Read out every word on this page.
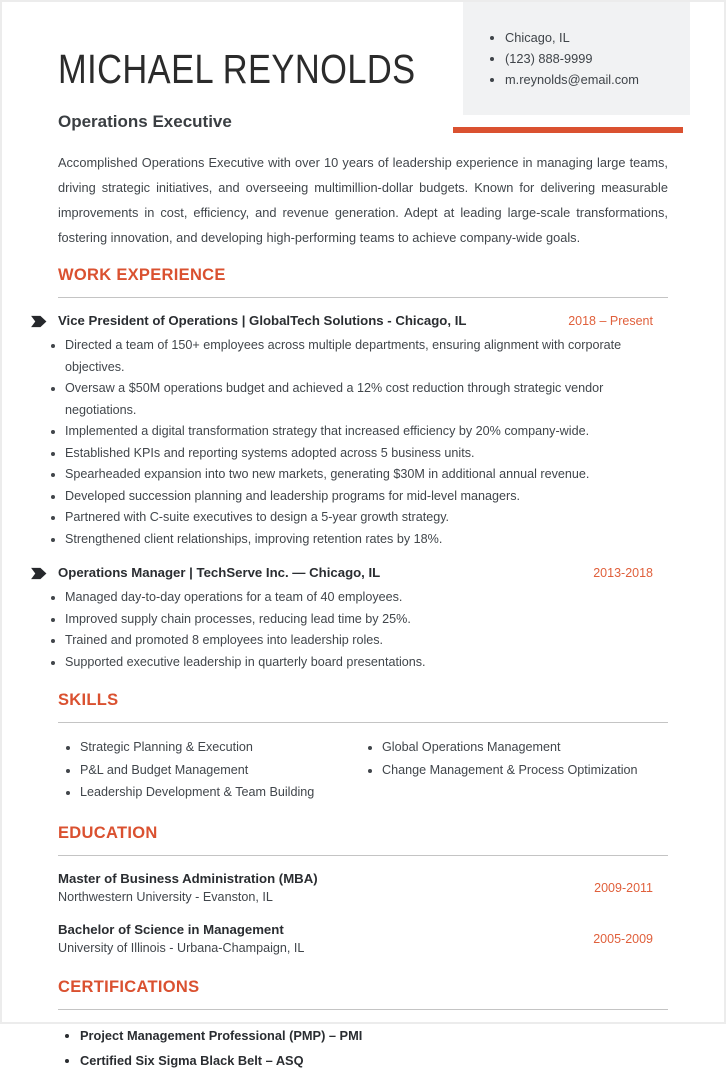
• Chicago, IL
• (123) 888-9999
• m.reynolds@email.com
MICHAEL REYNOLDS
Operations Executive

Accomplished Operations Executive with over 10 years of leadership experience in managing large teams, driving strategic initiatives, and overseeing multimillion-dollar budgets. Known for delivering measurable improvements in cost, efficiency, and revenue generation. Adept at leading large-scale transformations, fostering innovation, and developing high-performing teams to achieve company-wide goals.

WORK EXPERIENCE
Vice President of Operations | GlobalTech Solutions - Chicago, IL	2018 – Present
• Directed a team of 150+ employees across multiple departments, ensuring alignment with corporate objectives.
• Oversaw a $50M operations budget and achieved a 12% cost reduction through strategic vendor negotiations.
• Implemented a digital transformation strategy that increased efficiency by 20% company-wide.
• Established KPIs and reporting systems adopted across 5 business units.
• Spearheaded expansion into two new markets, generating $30M in additional annual revenue.
• Developed succession planning and leadership programs for mid-level managers.
• Partnered with C-suite executives to design a 5-year growth strategy.
• Strengthened client relationships, improving retention rates by 18%.
Operations Manager | TechServe Inc. — Chicago, IL	2013-2018
• Managed day-to-day operations for a team of 40 employees.
• Improved supply chain processes, reducing lead time by 25%.
• Trained and promoted 8 employees into leadership roles.
• Supported executive leadership in quarterly board presentations.
SKILLS
• Strategic Planning & Execution
• P&L and Budget Management
• Leadership Development & Team Building
• Global Operations Management
• Change Management & Process Optimization
EDUCATION
Master of Business Administration (MBA)
Northwestern University - Evanston, IL
2009-2011
Bachelor of Science in Management
University of Illinois - Urbana-Champaign, IL
2005-2009
CERTIFICATIONS
• Project Management Professional (PMP) – PMI
• Certified Six Sigma Black Belt – ASQ
